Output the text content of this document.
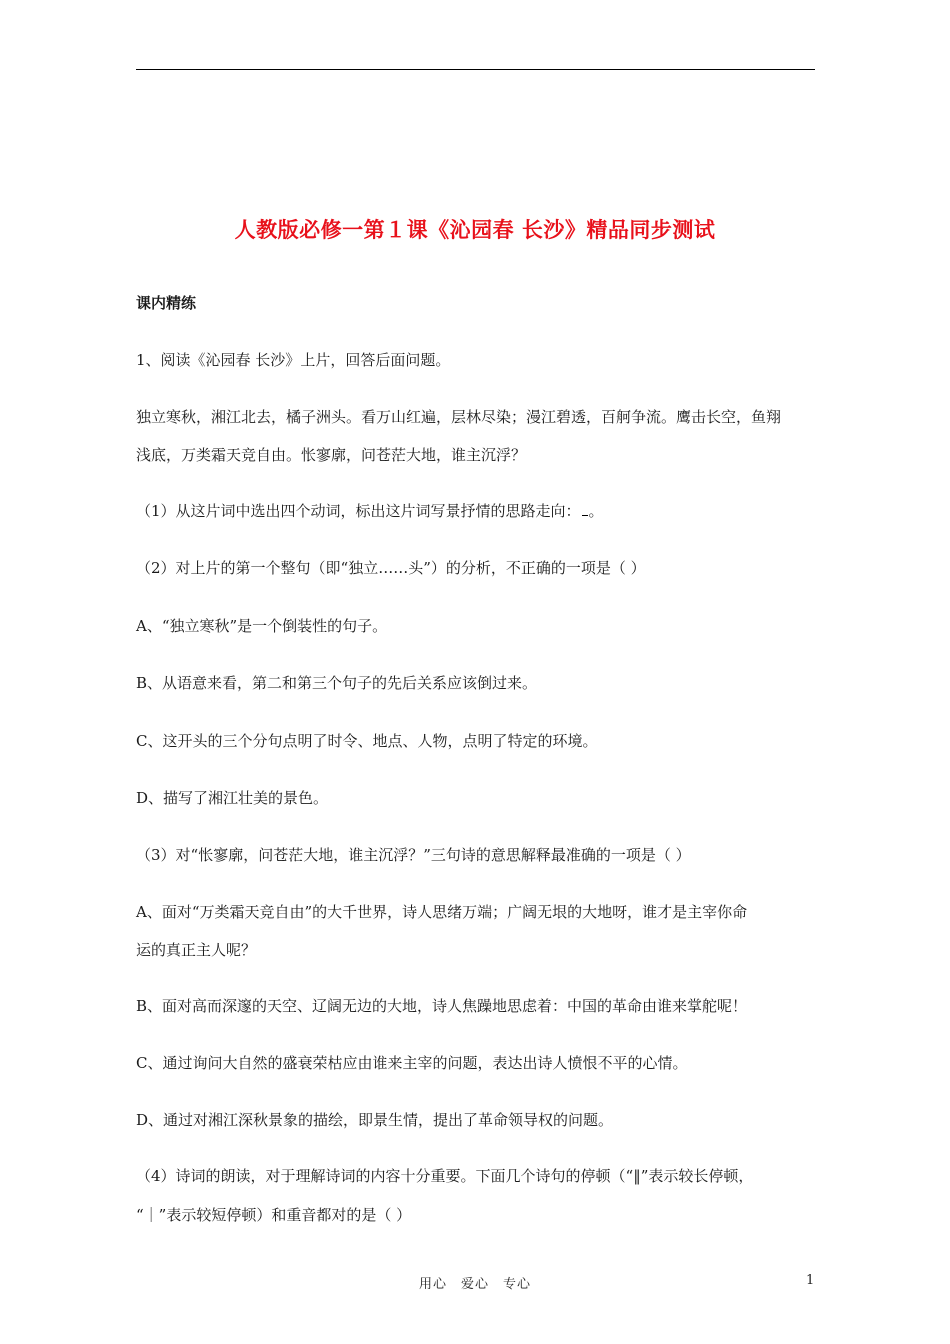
人教版必修一第１课《沁园春 长沙》精品同步测试
课内精练
1、阅读《沁园春 长沙》上片，回答后面问题。
独立寒秋，湘江北去，橘子洲头。看万山红遍，层林尽染；漫江碧透，百舸争流。鹰击长空，鱼翔
浅底，万类霜天竞自由。怅寥廓，问苍茫大地，谁主沉浮？
（1）从这片词中选出四个动词，标出这片词写景抒情的思路走向： 。
（2）对上片的第一个整句（即“独立……头”）的分析，不正确的一项是（ ）
A、“独立寒秋”是一个倒装性的句子。
B、从语意来看，第二和第三个句子的先后关系应该倒过来。
C、这开头的三个分句点明了时令、地点、人物，点明了特定的环境。
D、描写了湘江壮美的景色。
（3）对“怅寥廓，问苍茫大地，谁主沉浮？”三句诗的意思解释最准确的一项是（ ）
A、面对“万类霜天竞自由”的大千世界，诗人思绪万端；广阔无垠的大地呀，谁才是主宰你命
运的真正主人呢？
B、面对高而深邃的天空、辽阔无边的大地，诗人焦躁地思虑着：中国的革命由谁来掌舵呢！
C、通过询问大自然的盛衰荣枯应由谁来主宰的问题，表达出诗人愤恨不平的心情。
D、通过对湘江深秋景象的描绘，即景生情，提出了革命领导权的问题。
（4）诗词的朗读，对于理解诗词的内容十分重要。下面几个诗句的停顿（“‖”表示较长停顿，
“｜”表示较短停顿）和重音都对的是（ ）
用心　爱心　专心	1
